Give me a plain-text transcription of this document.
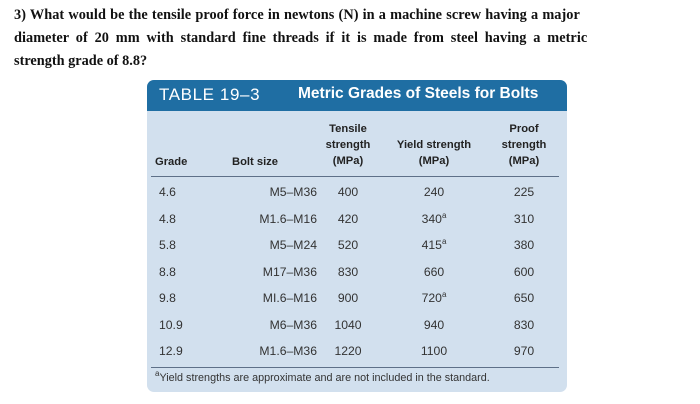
3) What would be the tensile proof force in newtons (N) in a machine screw having a major
diameter of 20 mm with standard fine threads if it is made from steel having a metric
strength grade of 8.8?
TABLE 19–3 Metric Grades of Steels for Bolts
Grade	Bolt size
Tensile
strength
(MPa)
Yield strength
(MPa)
Proof
strength
(MPa)
4.6	M5–M36	400	240	225
4.8	M1.6–M16	420	340$^a$	310
5.8	M5–M24	520	415$^a$	380
8.8	M17–M36	830	660	600
9.8	MI.6–M16	900	720$^a$	650
10.9	M6–M36	1040	940	830
12.9	M1.6–M36	1220	1100	970
$^a$Yield strengths are approximate and are not included in the standard.
